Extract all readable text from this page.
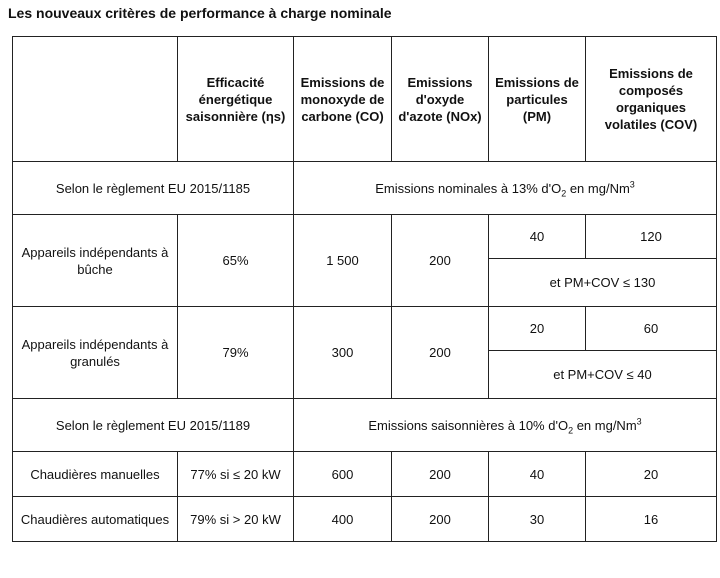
Les nouveaux critères de performance à charge nominale
	Efficacité énergétique saisonnière (ηs)	Emissions de monoxyde de carbone (CO)	Emissions d'oxyde d'azote (NOx)	Emissions de particules (PM)	Emissions de composés organiques volatiles (COV)
Selon le règlement EU 2015/1185		Emissions nominales à 13% $d'O_2$ en mg/Nm$^3$
Appareils indépendants à bûche	65%	1 500	200	40	120
				et PM+COV ≤ 130	
Appareils indépendants à granulés	79%	300	200	20	60
				et PM+COV ≤ 40	
Selon le règlement EU 2015/1189		Emissions saisonnières à 10% $d'O_2$ en mg/Nm$^3$
Chaudières manuelles	77% si ≤ 20 kW	600	200	40	20
Chaudières automatiques	79% si > 20 kW	400	200	30	16
